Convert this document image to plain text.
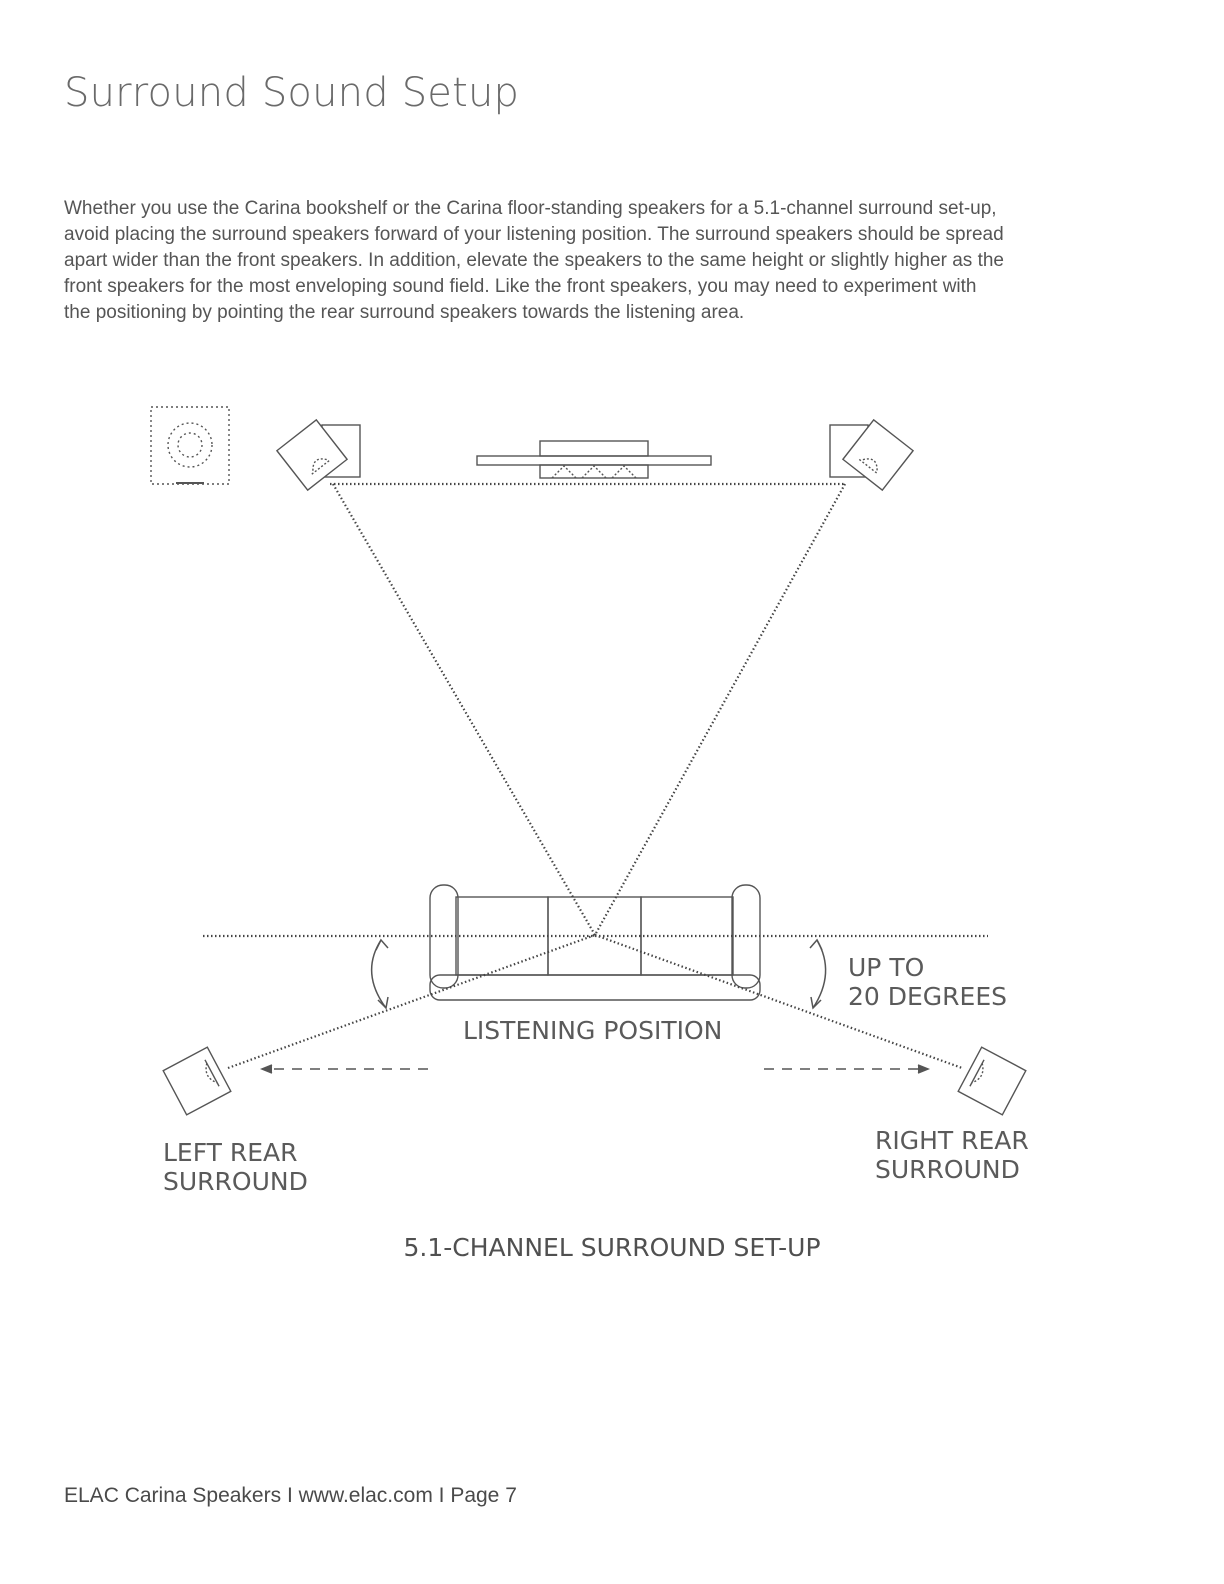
Surround Sound Setup
Whether you use the Carina bookshelf or the Carina floor-standing speakers for a 5.1-channel surround set-up,
avoid placing the surround speakers forward of your listening position. The surround speakers should be spread
apart wider than the front speakers. In addition, elevate the speakers to the same height or slightly higher as the
front speakers for the most enveloping sound field. Like the front speakers, you may need to experiment with
the positioning by pointing the rear surround speakers towards the listening area.
UP TO
20 DEGREES
LISTENING POSITION
LEFT REAR
SURROUND
RIGHT REAR
SURROUND
5.1-CHANNEL SURROUND SET-UP
ELAC Carina Speakers I www.elac.com I Page 7
